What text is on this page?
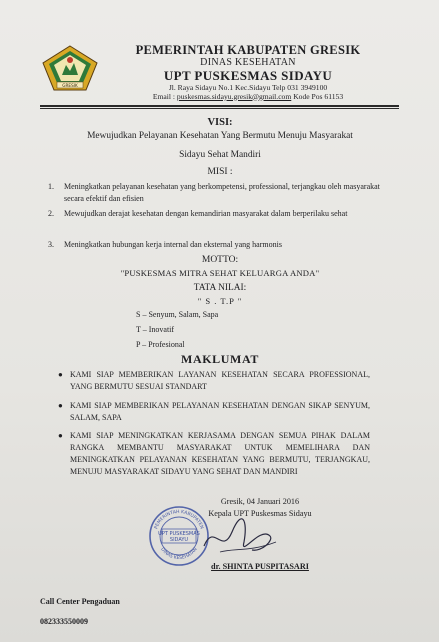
GRESIK
PEMERINTAH KABUPATEN GRESIK
DINAS KESEHATAN
UPT PUSKESMAS SIDAYU
Jl. Raya Sidayu No.1 Kec.Sidayu Telp 031 3949100
Email : puskesmas.sidayu.gresik@gmail.com Kode Pos 61153
VISI:
Mewujudkan Pelayanan Kesehatan Yang Bermutu Menuju Masyarakat
Sidayu Sehat Mandiri
MISI :
1. Meningkatkan pelayanan kesehatan yang berkompetensi, professional, terjangkau oleh masyarakat secara efektif dan efisien
2. Mewujudkan derajat kesehatan dengan kemandirian masyarakat dalam berperilaku sehat
3. Meningkatkan hubungan kerja internal dan eksternal yang harmonis
MOTTO:
"PUSKESMAS MITRA SEHAT KELUARGA ANDA"
TATA NILAI:
" S . T.P "
S – Senyum, Salam, Sapa
T – Inovatif
P – Profesional
MAKLUMAT
● KAMI SIAP MEMBERIKAN LAYANAN KESEHATAN SECARA PROFESSIONAL, YANG BERMUTU SESUAI STANDART
● KAMI SIAP MEMBERIKAN PELAYANAN KESEHATAN DENGAN SIKAP SENYUM, SALAM, SAPA
● KAMI SIAP MENINGKATKAN KERJASAMA DENGAN SEMUA PIHAK DALAM RANGKA MEMBANTU MASYARAKAT UNTUK MEMELIHARA DAN MENINGKATKAN PELAYANAN KESEHATAN YANG BERMUTU, TERJANGKAU, MENUJU MASYARAKAT SIDAYU YANG SEHAT DAN MANDIRI
Gresik, 04 Januari 2016
Kepala UPT Puskesmas Sidayu
PEMERINTAH KABUPATEN
DINAS KESEHATAN
UPT PUSKESMAS
SIDAYU
dr. SHINTA PUSPITASARI
Call Center Pengaduan
082333550009
